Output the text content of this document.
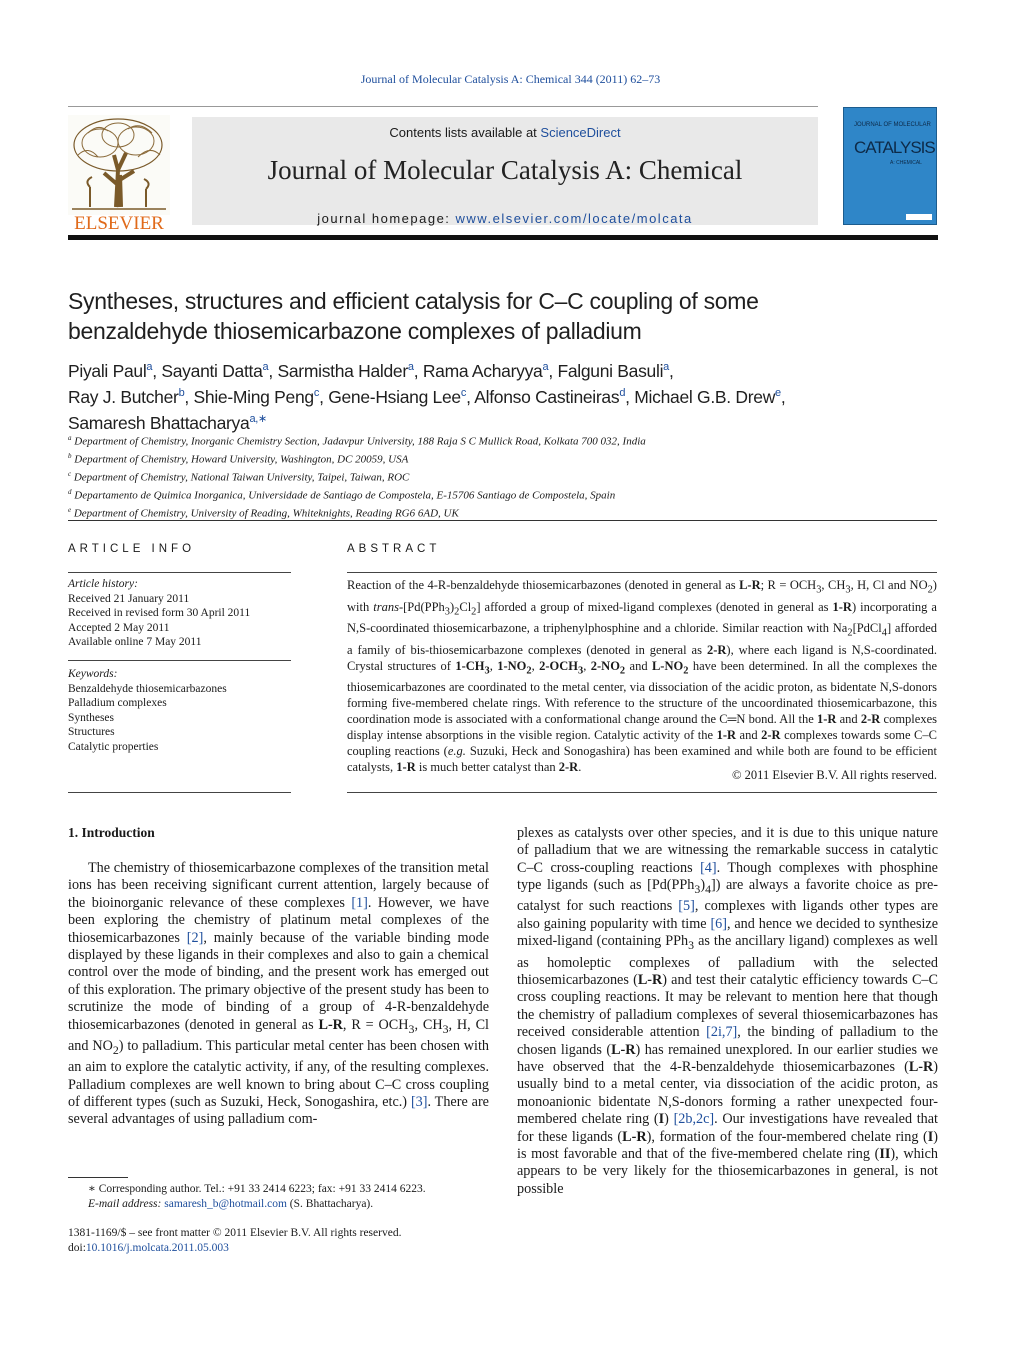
Journal of Molecular Catalysis A: Chemical 344 (2011) 62–73
ELSEVIER
Contents lists available at ScienceDirect
Journal of Molecular Catalysis A: Chemical
journal homepage: www.elsevier.com/locate/molcata
JOURNAL OF MOLECULAR
CATALYSIS
A: CHEMICAL
Syntheses, structures and efficient catalysis for C–C coupling of some
benzaldehyde thiosemicarbazone complexes of palladium
Piyali Paul$^a$, Sayanti Datta$^a$, Sarmistha Halder$^a$, Rama Acharyya$^a$, Falguni Basuli$^a$,
Ray J. Butcher$^b$, Shie-Ming Peng$^c$, Gene-Hsiang Lee$^c$, Alfonso Castineiras$^d$, Michael G.B. Drew$^e$,
Samaresh Bhattacharya$^{a,∗}$
$^a$ Department of Chemistry, Inorganic Chemistry Section, Jadavpur University, 188 Raja S C Mullick Road, Kolkata 700 032, India
$^b$ Department of Chemistry, Howard University, Washington, DC 20059, USA
$^c$ Department of Chemistry, National Taiwan University, Taipei, Taiwan, ROC
$^d$ Departamento de Quimica Inorganica, Universidade de Santiago de Compostela, E-15706 Santiago de Compostela, Spain
$^e$ Department of Chemistry, University of Reading, Whiteknights, Reading RG6 6AD, UK
ARTICLE INFO
Article history:
Received 21 January 2011
Received in revised form 30 April 2011
Accepted 2 May 2011
Available online 7 May 2011
Keywords:
Benzaldehyde thiosemicarbazones
Palladium complexes
Syntheses
Structures
Catalytic properties
ABSTRACT
Reaction of the 4-R-benzaldehyde thiosemicarbazones (denoted in general as L-R; $R = OCH_3$, $CH_3$, H, Cl and $NO_2$) with trans-$[Pd(PPh_3)_2Cl_2]$ afforded a group of mixed-ligand complexes (denoted in general as 1-R) incorporating a N,S-coordinated thiosemicarbazone, a triphenylphosphine and a chloride. Similar reaction with $Na_2[PdCl_4]$ afforded a family of bis-thiosemicarbazone complexes (denoted in general as 2-R), where each ligand is N,S-coordinated. Crystal structures of $1-CH_3$, $1-NO_2$, $2-OCH_3$, $2-NO_2$ and $L-NO_2$ have been determined. In all the complexes the thiosemicarbazones are coordinated to the metal center, via dissociation of the acidic proton, as bidentate N,S-donors forming five-membered chelate rings. With reference to the structure of the uncoordinated thiosemicarbazone, this coordination mode is associated with a conformational change around the C═N bond. All the 1-R and 2-R complexes display intense absorptions in the visible region. Catalytic activity of the 1-R and 2-R complexes towards some C–C coupling reactions (e.g. Suzuki, Heck and Sonogashira) has been examined and while both are found to be efficient catalysts, 1-R is much better catalyst than 2-R.
© 2011 Elsevier B.V. All rights reserved.
1. Introduction
The chemistry of thiosemicarbazone complexes of the transition metal ions has been receiving significant current attention, largely because of the bioinorganic relevance of these complexes [1]. However, we have been exploring the chemistry of platinum metal complexes of the thiosemicarbazones [2], mainly because of the variable binding mode displayed by these ligands in their complexes and also to gain a chemical control over the mode of binding, and the present work has emerged out of this exploration. The primary objective of the present study has been to scrutinize the mode of binding of a group of 4-R-benzaldehyde thiosemicarbazones (denoted in general as L-R, $R = OCH_3$, $CH_3$, H, Cl and $NO_2$) to palladium. This particular metal center has been chosen with an aim to explore the catalytic activity, if any, of the resulting complexes. Palladium complexes are well known to bring about C–C cross coupling of different types (such as Suzuki, Heck, Sonogashira, etc.) [3]. There are several advantages of using palladium com-
plexes as catalysts over other species, and it is due to this unique nature of palladium that we are witnessing the remarkable success in catalytic C–C cross-coupling reactions [4]. Though complexes with phosphine type ligands (such as $[Pd(PPh_3)_4]$) are always a favorite choice as pre-catalyst for such reactions [5], complexes with ligands other types are also gaining popularity with time [6], and hence we decided to synthesize mixed-ligand (containing PPh$_3$ as the ancillary ligand) complexes as well as homoleptic complexes of palladium with the selected thiosemicarbazones (L-R) and test their catalytic efficiency towards C–C cross coupling reactions. It may be relevant to mention here that though the chemistry of palladium complexes of several thiosemicarbazones has received considerable attention [2i,7], the binding of palladium to the chosen ligands (L-R) has remained unexplored. In our earlier studies we have observed that the 4-R-benzaldehyde thiosemicarbazones (L-R) usually bind to a metal center, via dissociation of the acidic proton, as monoanionic bidentate N,S-donors forming a rather unexpected four-membered chelate ring (I) [2b,2c]. Our investigations have revealed that for these ligands (L-R), formation of the four-membered chelate ring (I) is most favorable and that of the five-membered chelate ring (II), which appears to be very likely for the thiosemicarbazones in general, is not possible
∗ Corresponding author. Tel.: +91 33 2414 6223; fax: +91 33 2414 6223.
E-mail address: samaresh_b@hotmail.com (S. Bhattacharya).
1381-1169/$ – see front matter © 2011 Elsevier B.V. All rights reserved.
doi:10.1016/j.molcata.2011.05.003
